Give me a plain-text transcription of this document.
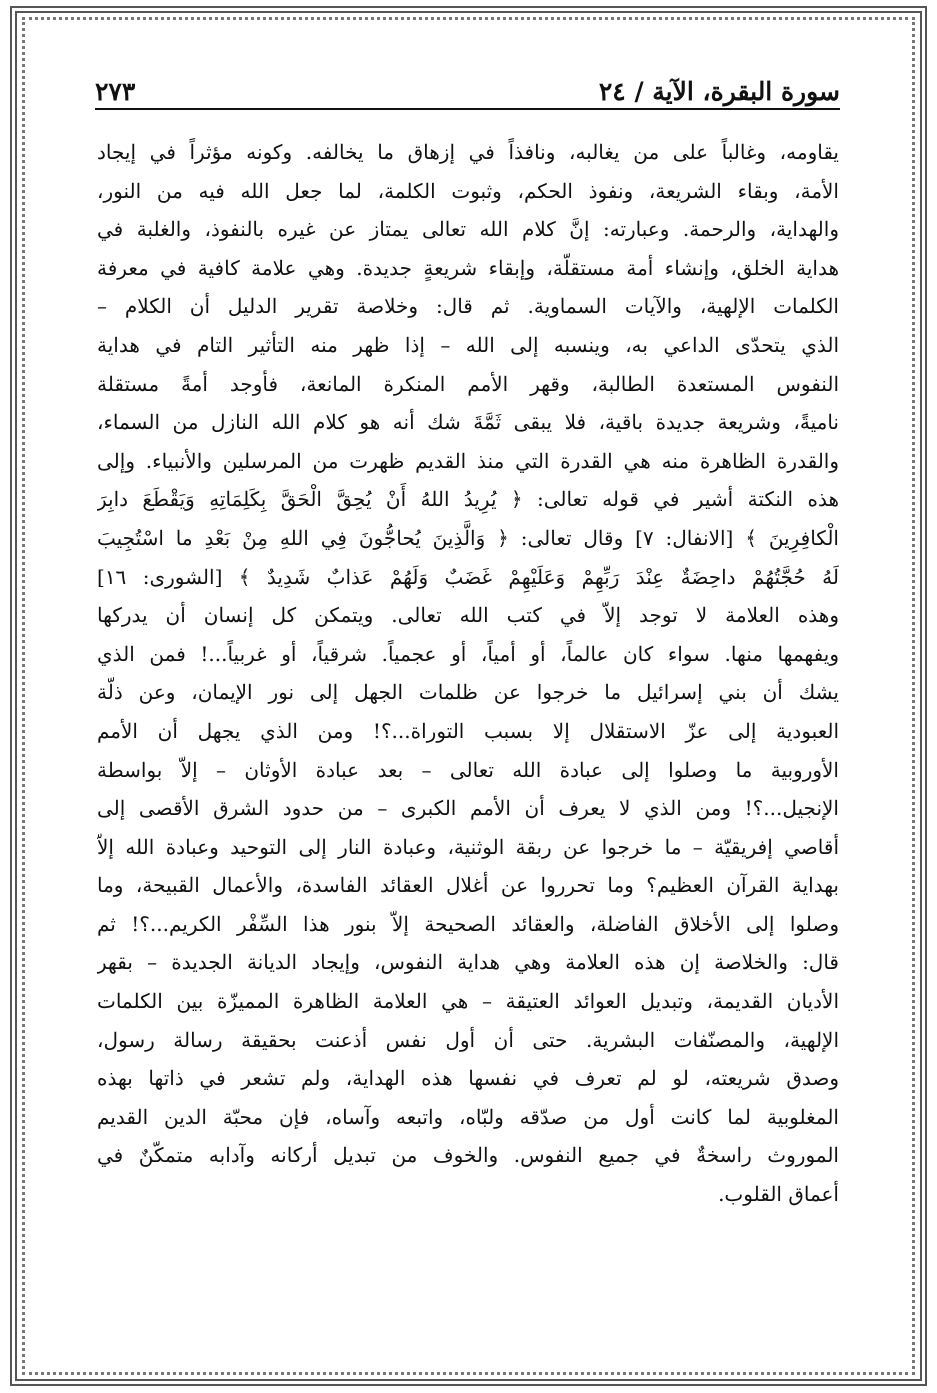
سورة البقرة، الآية / ٢٤
٢٧٣
يقاومه، وغالباً على من يغالبه، ونافذاً في إزهاق ما يخالفه. وكونه مؤثراً في إيجاد
الأمة، وبقاء الشريعة، ونفوذ الحكم، وثبوت الكلمة، لما جعل الله فيه من النور،
والهداية، والرحمة. وعبارته: إنَّ كلام الله تعالى يمتاز عن غيره بالنفوذ، والغلبة في
هداية الخلق، وإنشاء أمة مستقلّة، وإبقاء شريعةٍ جديدة. وهي علامة كافية في معرفة
الكلمات الإلهية، والآيات السماوية. ثم قال: وخلاصة تقرير الدليل أن الكلام –
الذي يتحدّى الداعي به، وينسبه إلى الله – إذا ظهر منه التأثير التام في هداية
النفوس المستعدة الطالبة، وقهر الأمم المنكرة المانعة، فأوجد أمةً مستقلة
ناميةً، وشريعة جديدة باقية، فلا يبقى ثَمَّةَ شك أنه هو كلام الله النازل من السماء،
والقدرة الظاهرة منه هي القدرة التي منذ القديم ظهرت من المرسلين والأنبياء. وإلى
هذه النكتة أشير في قوله تعالى: ﴿ يُرِيدُ اللهُ أَنْ يُحِقَّ الْحَقَّ بِكَلِمَاتِهِ وَيَقْطَعَ دابِرَ
الْكافِرِينَ ﴾ [الانفال: ٧] وقال تعالى: ﴿ وَالَّذِينَ يُحاجُّونَ فِي اللهِ مِنْ بَعْدِ ما اسْتُجِيبَ
لَهُ حُجَّتُهُمْ داحِضَةٌ عِنْدَ رَبِّهِمْ وَعَلَيْهِمْ غَضَبٌ وَلَهُمْ عَذابٌ شَدِيدٌ ﴾ [الشورى: ١٦]
وهذه العلامة لا توجد إلاّ في كتب الله تعالى. ويتمكن كل إنسان أن يدركها
ويفهمها منها. سواء كان عالماً، أو أمياً، أو عجمياً. شرقياً، أو غربياً...! فمن الذي
يشك أن بني إسرائيل ما خرجوا عن ظلمات الجهل إلى نور الإيمان، وعن ذلّة
العبودية إلى عزّ الاستقلال إلا بسبب التوراة...؟! ومن الذي يجهل أن الأمم
الأوروبية ما وصلوا إلى عبادة الله تعالى – بعد عبادة الأوثان – إلاّ بواسطة
الإنجيل...؟! ومن الذي لا يعرف أن الأمم الكبرى – من حدود الشرق الأقصى إلى
أقاصي إفريقيّة – ما خرجوا عن ربقة الوثنية، وعبادة النار إلى التوحيد وعبادة الله إلاّ
بهداية القرآن العظيم؟ وما تحرروا عن أغلال العقائد الفاسدة، والأعمال القبيحة، وما
وصلوا إلى الأخلاق الفاضلة، والعقائد الصحيحة إلاّ بنور هذا السِّفْر الكريم...؟! ثم
قال: والخلاصة إن هذه العلامة وهي هداية النفوس، وإيجاد الديانة الجديدة – بقهر
الأديان القديمة، وتبديل العوائد العتيقة – هي العلامة الظاهرة المميزّة بين الكلمات
الإلهية، والمصنّفات البشرية. حتى أن أول نفس أذعنت بحقيقة رسالة رسول،
وصدق شريعته، لو لم تعرف في نفسها هذه الهداية، ولم تشعر في ذاتها بهذه
المغلوبية لما كانت أول من صدّقه ولبّاه، واتبعه وآساه، فإن محبّة الدين القديم
الموروث راسخةٌ في جميع النفوس. والخوف من تبديل أركانه وآدابه متمكّنٌ في
أعماق القلوب.
